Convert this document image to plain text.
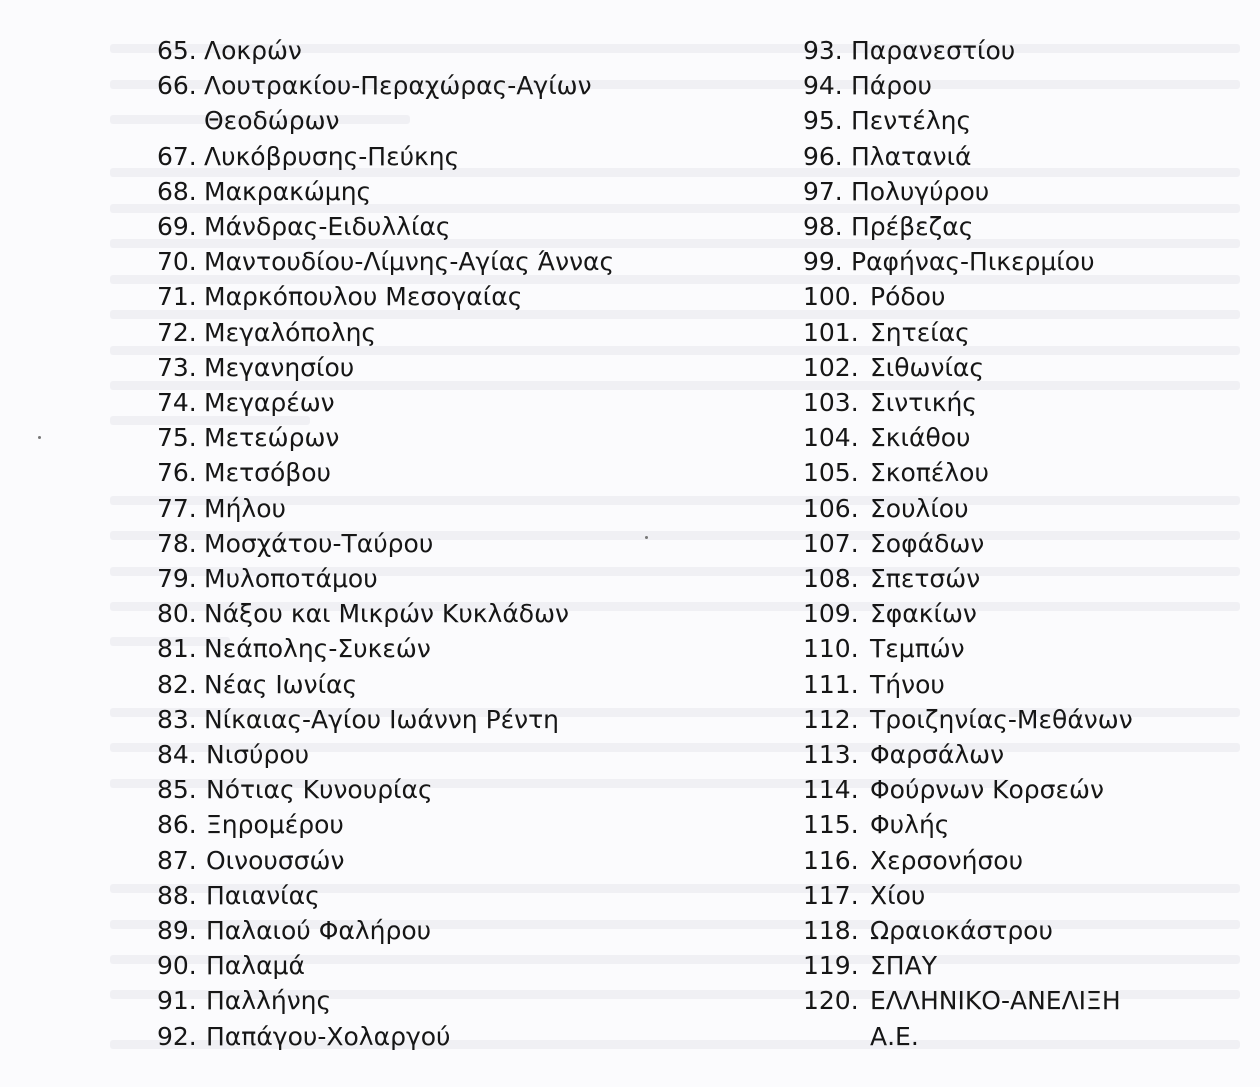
65. Λοκρών
66. Λουτρακίου-Περαχώρας-Αγίων Θεοδώρων
67. Λυκόβρυσης-Πεύκης
68. Μακρακώμης
69. Μάνδρας-Ειδυλλίας
70. Μαντουδίου-Λίμνης-Αγίας Άννας
71. Μαρκόπουλου Μεσογαίας
72. Μεγαλόπολης
73. Μεγανησίου
74. Μεγαρέων
75. Μετεώρων
76. Μετσόβου
77. Μήλου
78. Μοσχάτου-Ταύρου
79. Μυλοποτάμου
80. Νάξου και Μικρών Κυκλάδων
81. Νεάπολης-Συκεών
82. Νέας Ιωνίας
83. Νίκαιας-Αγίου Ιωάννη Ρέντη
84. Νισύρου
85. Νότιας Κυνουρίας
86. Ξηρομέρου
87. Οινουσσών
88. Παιανίας
89. Παλαιού Φαλήρου
90. Παλαμά
91. Παλλήνης
92. Παπάγου-Χολαργού
93. Παρανεστίου
94. Πάρου
95. Πεντέλης
96. Πλατανιά
97. Πολυγύρου
98. Πρέβεζας
99. Ραφήνας-Πικερμίου
100. Ρόδου
101. Σητείας
102. Σιθωνίας
103. Σιντικής
104. Σκιάθου
105. Σκοπέλου
106. Σουλίου
107. Σοφάδων
108. Σπετσών
109. Σφακίων
110. Τεμπών
111. Τήνου
112. Τροιζηνίας-Μεθάνων
113. Φαρσάλων
114. Φούρνων Κορσεών
115. Φυλής
116. Χερσονήσου
117. Χίου
118. Ωραιοκάστρου
119. ΣΠΑΥ
120. ΕΛΛΗΝΙΚΟ-ΑΝΕΛΙΞΗ Α.Ε.
